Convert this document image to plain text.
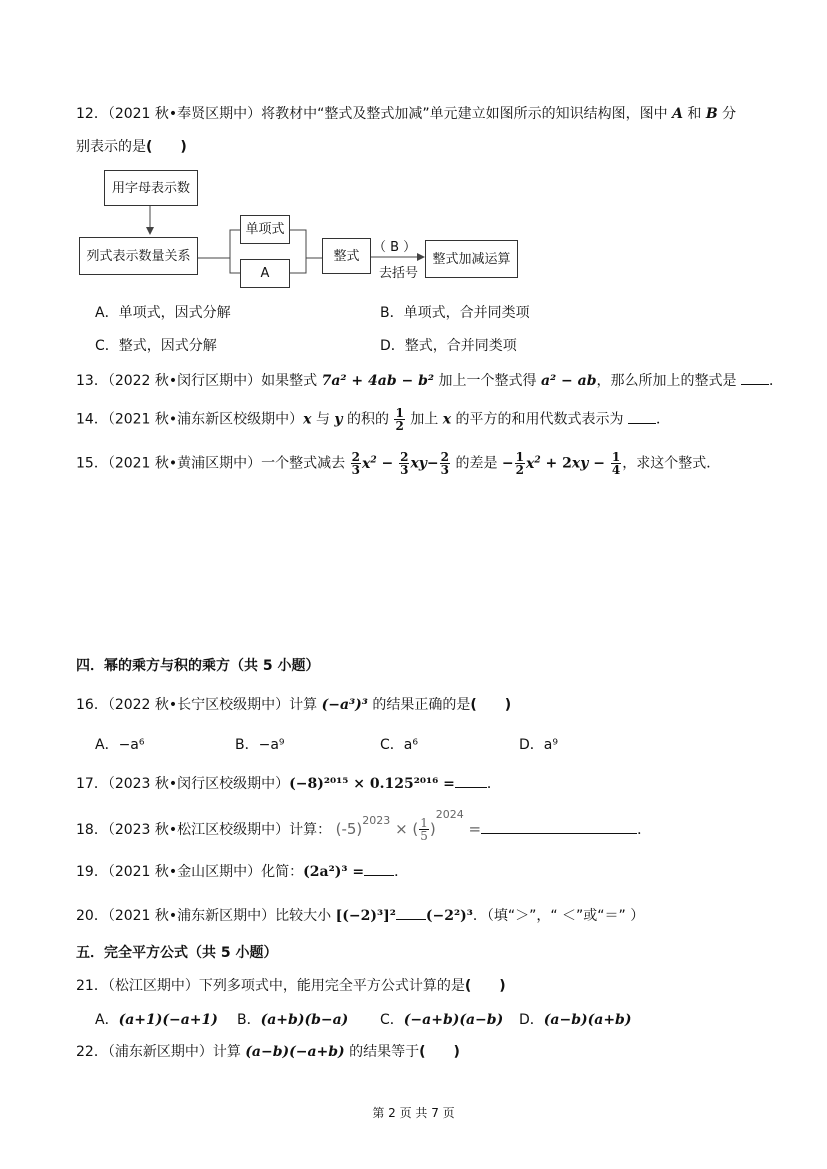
12．（2021 秋•奉贤区期中）将教材中“整式及整式加减”单元建立如图所示的知识结构图，图中 A 和 B 分
别表示的是(　　)
用字母表示数
列式表示数量关系
单项式
A
整式
（ B ）
去括号
整式加减运算
A．单项式，因式分解	B．单项式，合并同类项
C．整式，因式分解	D．整式，合并同类项
13．（2022 秋•闵行区期中）如果整式 7a² + 4ab − b² 加上一个整式得 a² − ab，那么所加上的整式是 ．
14．（2021 秋•浦东新区校级期中）x 与 y 的积的 $\frac{1}{2}$ 加上 x 的平方的和用代数式表示为 ．
15．（2021 秋•黄浦区期中）一个整式减去 $\frac{2}{3} x^2 - \frac{2}{3} xy- \frac{2}{3}$ 的差是 − $\frac{1}{2} x^2 + 2xy - \frac{1}{4}$ ，求这个整式．
四．幂的乘方与积的乘方（共 5 小题）
16．（2022 秋•长宁区校级期中）计算 (−a³)³ 的结果正确的是(　　)
A．−a⁶	B．−a⁹	C．a⁶	D．a⁹
17．（2023 秋•闵行区校级期中）(−8)²⁰¹⁵ × 0.125²⁰¹⁶ = ．
18．（2023 秋•松江区校级期中）计算： $(-5)^{2023}$ × ( $\frac{1}{5} )^{2024}$ =	．
19．（2021 秋•金山区期中）化简：(2a²)³ = ．
20．（2021 秋•浦东新区期中）比较大小 [(−2)³]² (−2²)³．（填“＞”，“ ＜”或“＝” ）
五．完全平方公式（共 5 小题）
21．（松江区期中）下列多项式中，能用完全平方公式计算的是(　　)
A．(a+1)(−a+1) B．(a+b)(b−a) C．(−a+b)(a−b) D．(a−b)(a+b)
22．（浦东新区期中）计算 (a−b)(−a+b) 的结果等于(　　)
第 2 页 共 7 页
